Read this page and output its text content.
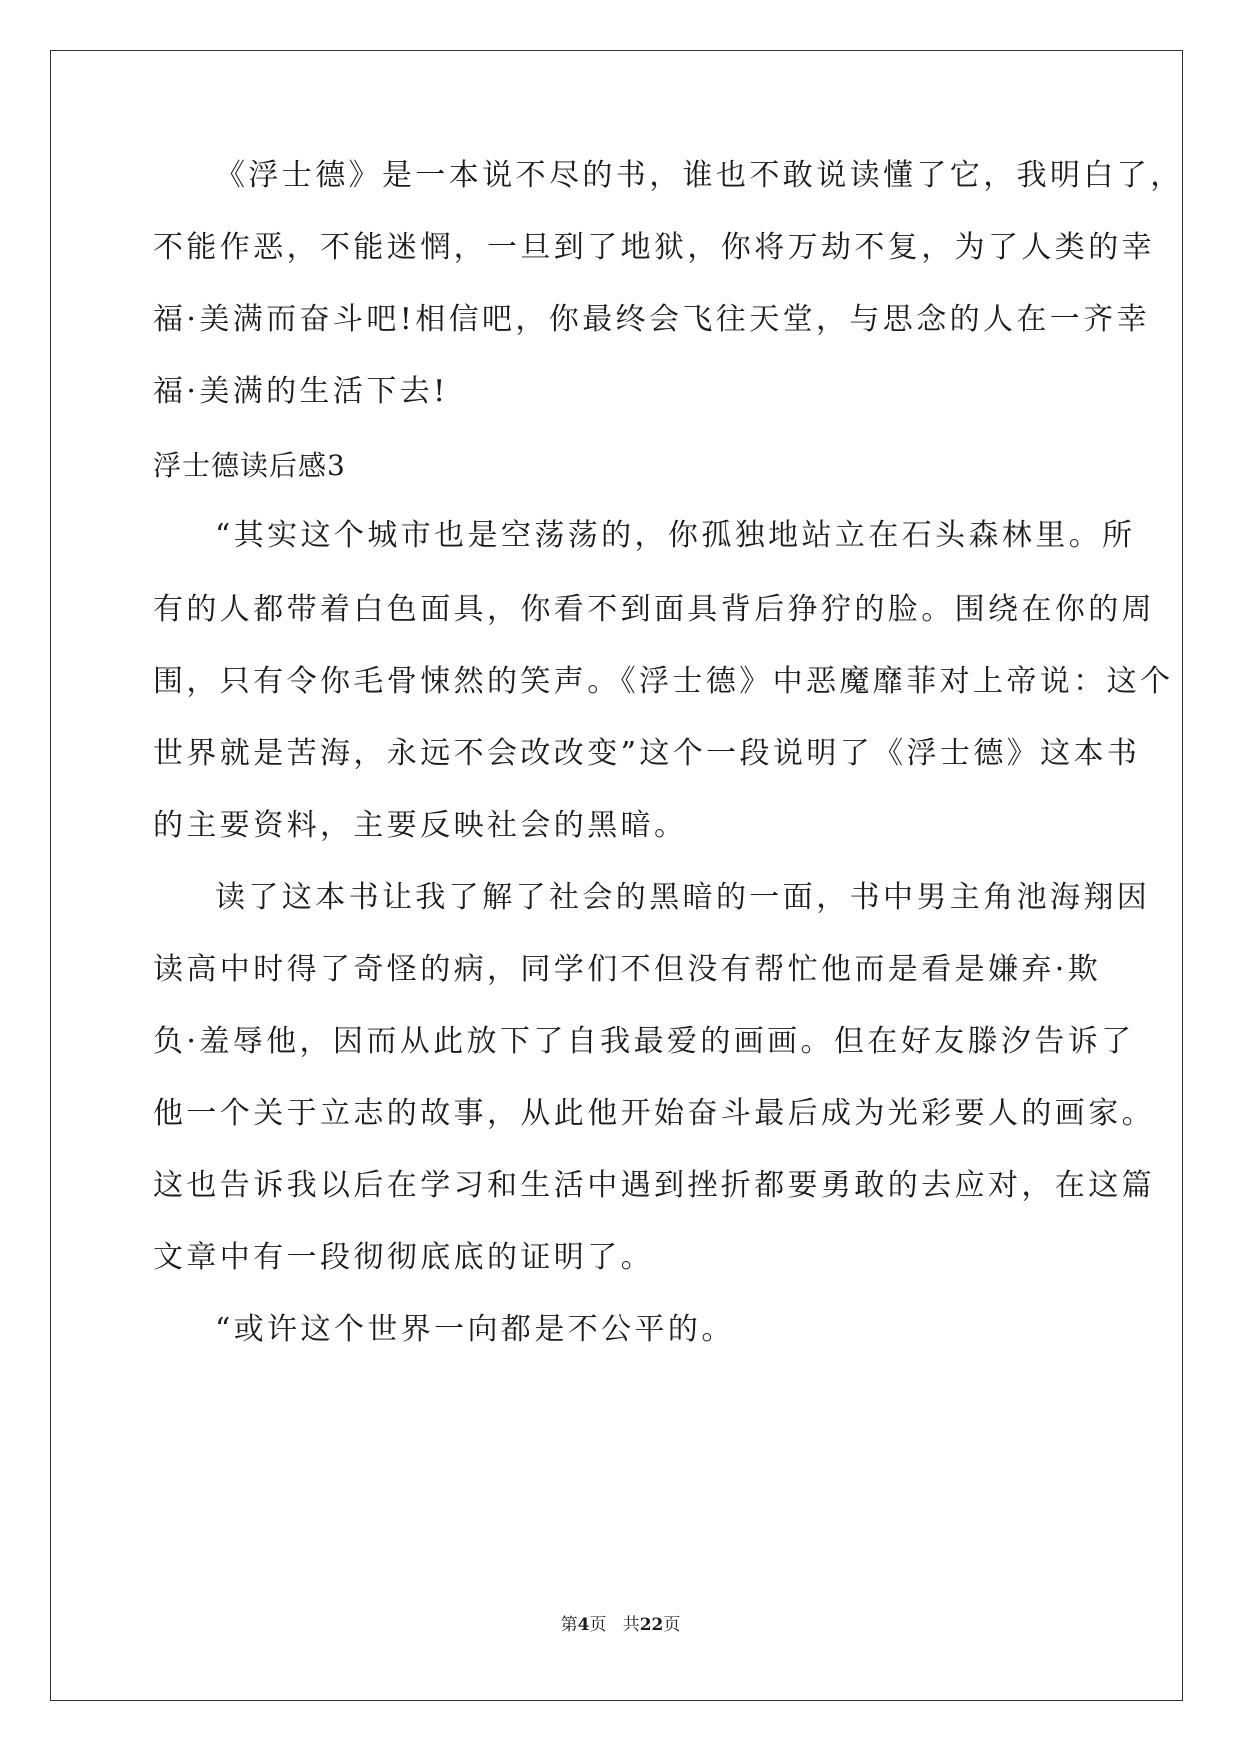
《浮士德》是一本说不尽的书，谁也不敢说读懂了它，我明白了，
不能作恶，不能迷惘，一旦到了地狱，你将万劫不复，为了人类的幸
福·美满而奋斗吧!相信吧，你最终会飞往天堂，与思念的人在一齐幸
福·美满的生活下去!
浮士德读后感3
“其实这个城市也是空荡荡的，你孤独地站立在石头森林里。所
有的人都带着白色面具，你看不到面具背后狰狞的脸。围绕在你的周
围，只有令你毛骨悚然的笑声。《浮士德》中恶魔靡菲对上帝说：这个
世界就是苦海，永远不会改改变”这个一段说明了《浮士德》这本书
的主要资料，主要反映社会的黑暗。
读了这本书让我了解了社会的黑暗的一面，书中男主角池海翔因
读高中时得了奇怪的病，同学们不但没有帮忙他而是看是嫌弃·欺
负·羞辱他，因而从此放下了自我最爱的画画。但在好友滕汐告诉了
他一个关于立志的故事，从此他开始奋斗最后成为光彩要人的画家。
这也告诉我以后在学习和生活中遇到挫折都要勇敢的去应对，在这篇
文章中有一段彻彻底底的证明了。
“或许这个世界一向都是不公平的。
第4页 共22页
